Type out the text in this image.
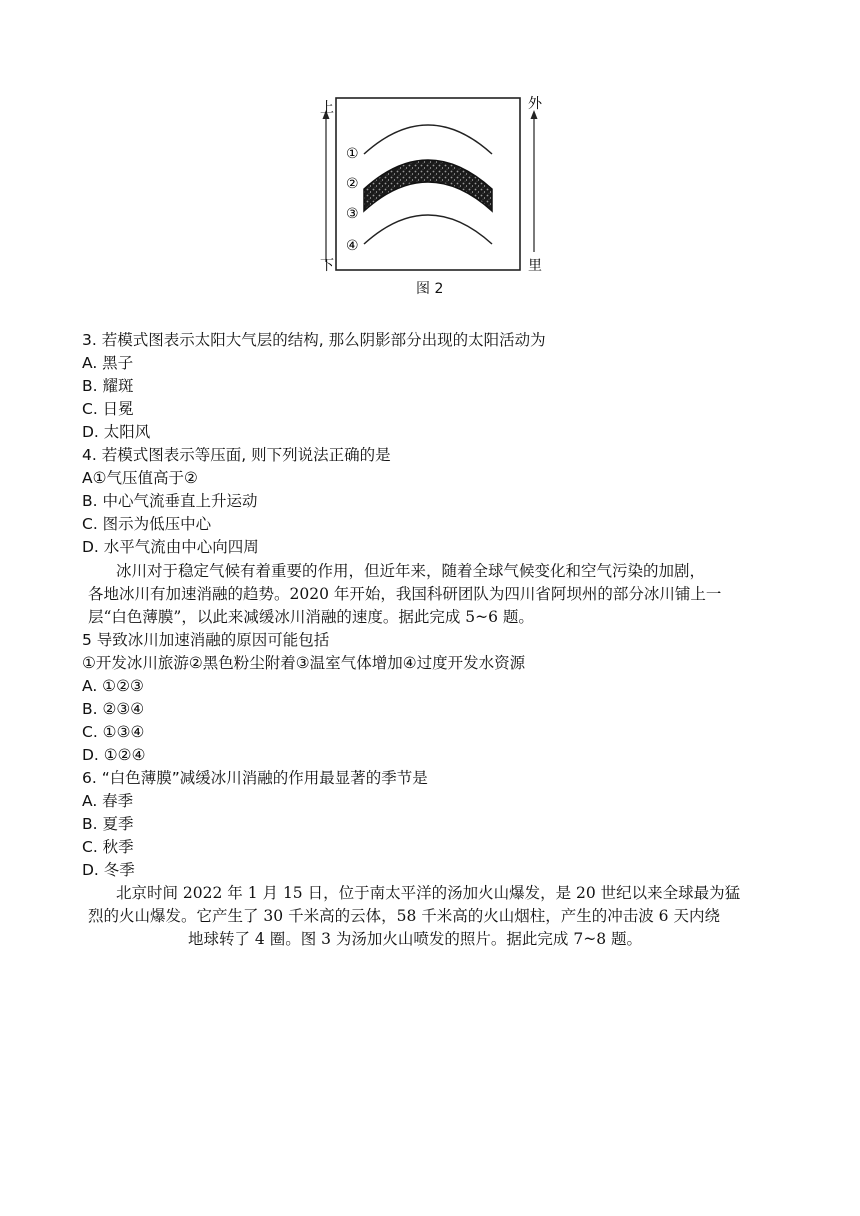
上
下
外
里
①
②
③
④
图 2
3. 若模式图表示太阳大气层的结构, 那么阴影部分出现的太阳活动为
A. 黑子
B. 耀斑
C. 日冕
D. 太阳风
4. 若模式图表示等压面, 则下列说法正确的是
A①气压值高于②
B. 中心气流垂直上升运动
C. 图示为低压中心
D. 水平气流由中心向四周
冰川对于稳定气候有着重要的作用，但近年来，随着全球气候变化和空气污染的加剧，
各地冰川有加速消融的趋势。2020 年开始，我国科研团队为四川省阿坝州的部分冰川铺上一
层“白色薄膜”，以此来减缓冰川消融的速度。据此完成 5~6 题。
5 导致冰川加速消融的原因可能包括
①开发冰川旅游②黑色粉尘附着③温室气体增加④过度开发水资源
A. ①②③
B. ②③④
C. ①③④
D. ①②④
6. “白色薄膜”减缓冰川消融的作用最显著的季节是
A. 春季
B. 夏季
C. 秋季
D. 冬季
北京时间 2022 年 1 月 15 日，位于南太平洋的汤加火山爆发，是 20 世纪以来全球最为猛
烈的火山爆发。它产生了 30 千米高的云体，58 千米高的火山烟柱，产生的冲击波 6 天内绕
地球转了 4 圈。图 3 为汤加火山喷发的照片。据此完成 7~8 题。
